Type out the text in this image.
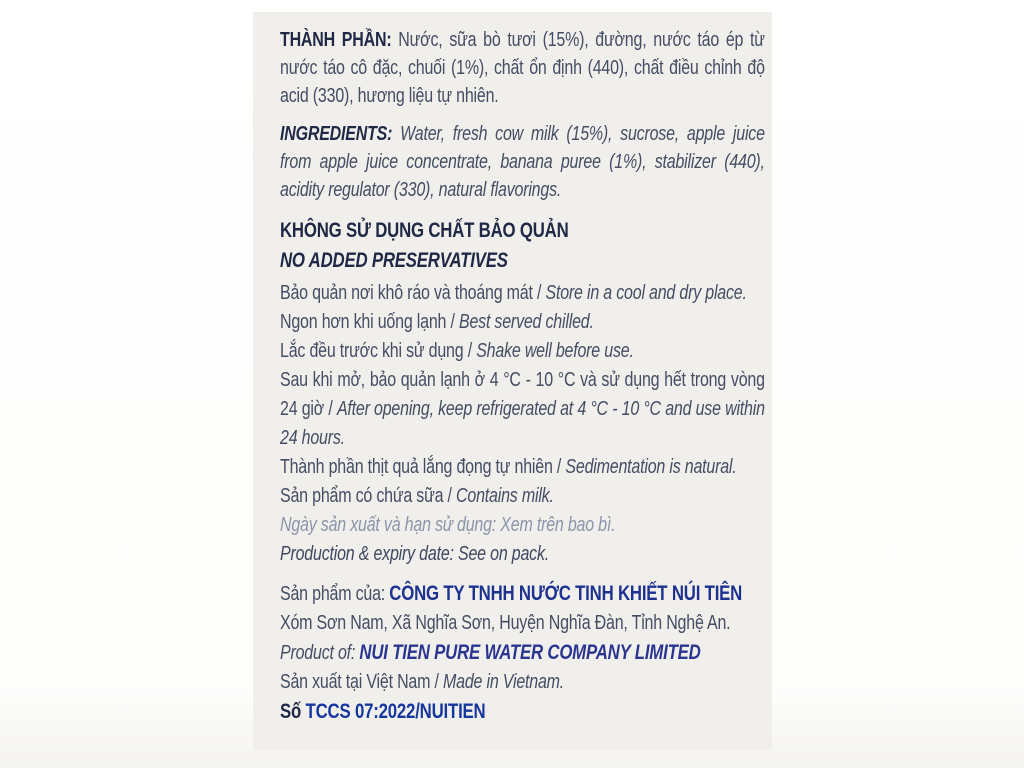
THÀNH PHẦN: Nước, sữa bò tươi (15%), đường, nước táo ép từ nước táo cô đặc, chuối (1%), chất ổn định (440), chất điều chỉnh độ acid (330), hương liệu tự nhiên.

INGREDIENTS: Water, fresh cow milk (15%), sucrose, apple juice from apple juice concentrate, banana puree (1%), stabilizer (440), acidity regulator (330), natural flavorings.

KHÔNG SỬ DỤNG CHẤT BẢO QUẢN

NO ADDED PRESERVATIVES

Bảo quản nơi khô ráo và thoáng mát / Store in a cool and dry place.

Ngon hơn khi uống lạnh / Best served chilled.

Lắc đều trước khi sử dụng / Shake well before use.

Sau khi mở, bảo quản lạnh ở 4 °C - 10 °C và sử dụng hết trong vòng 24 giờ / After opening, keep refrigerated at 4 °C - 10 °C and use within 24 hours.

Thành phần thịt quả lắng đọng tự nhiên / Sedimentation is natural.

Sản phẩm có chứa sữa / Contains milk.

Ngày sản xuất và hạn sử dụng: Xem trên bao bì.

Production & expiry date: See on pack.

Sản phẩm của: CÔNG TY TNHH NƯỚC TINH KHIẾT NÚI TIÊN

Xóm Sơn Nam, Xã Nghĩa Sơn, Huyện Nghĩa Đàn, Tỉnh Nghệ An.

Product of: NUI TIEN PURE WATER COMPANY LIMITED

Sản xuất tại Việt Nam / Made in Vietnam.

Số TCCS 07:2022/NUITIEN
